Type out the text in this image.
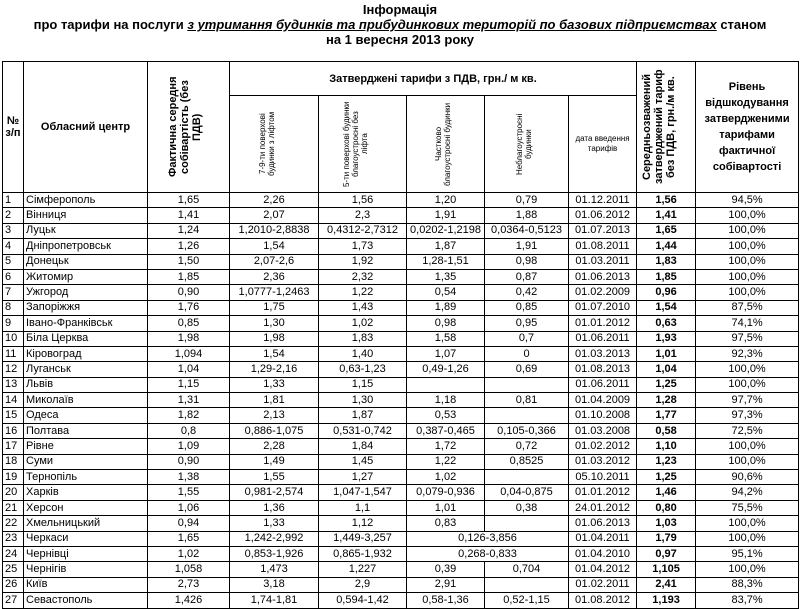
Інформація
про тарифи на послуги з утримання будинків та прибудинкових територій по базових підприємствах станом
на 1 вересня 2013 року
№ з/п	Обласний центр	Фактична середня собівартість (без ПДВ)	Затверджені тарифи з ПДВ, грн./ м кв.					Середньозважений затверджений тариф без ПДВ, грн./м кв.	Рівень відшкодування затвердженими тарифами фактичної собівартості

			7-9-ти поверхові будинки з ліфтом	5-ти поверхові будинки благоустроєні без ліфта	Частково благоустроєні будинки	Неблагоустроєні будинки	дата введення тарифів		
1	Сімферополь	1,65	2,26	1,56	1,20	0,79	01.12.2011	1,56	94,5%
2	Вінниця	1,41	2,07	2,3	1,91	1,88	01.06.2012	1,41	100,0%
3	Луцьк	1,24	1,2010-2,8838	0,4312-2,7312	0,0202-1,2198	0,0364-0,5123	01.07.2013	1,65	100,0%
4	Дніпропетровськ	1,26	1,54	1,73	1,87	1,91	01.08.2011	1,44	100,0%
5	Донецьк	1,50	2,07-2,6	1,92	1,28-1,51	0,98	01.03.2011	1,83	100,0%
6	Житомир	1,85	2,36	2,32	1,35	0,87	01.06.2013	1,85	100,0%
7	Ужгород	0,90	1,0777-1,2463	1,22	0,54	0,42	01.02.2009	0,96	100,0%
8	Запоріжжя	1,76	1,75	1,43	1,89	0,85	01.07.2010	1,54	87,5%
9	Івано-Франківськ	0,85	1,30	1,02	0,98	0,95	01.01.2012	0,63	74,1%
10	Біла Церква	1,98	1,98	1,83	1,58	0,7	01.06.2011	1,93	97,5%
11	Кіровоград	1,094	1,54	1,40	1,07	0	01.03.2013	1,01	92,3%
12	Луганськ	1,04	1,29-2,16	0,63-1,23	0,49-1,26	0,69	01.08.2013	1,04	100,0%
13	Львів	1,15	1,33	1,15			01.06.2011	1,25	100,0%
14	Миколаїв	1,31	1,81	1,30	1,18	0,81	01.04.2009	1,28	97,7%
15	Одеса	1,82	2,13	1,87	0,53		01.10.2008	1,77	97,3%
16	Полтава	0,8	0,886-1,075	0,531-0,742	0,387-0,465	0,105-0,366	01.03.2008	0,58	72,5%
17	Рівне	1,09	2,28	1,84	1,72	0,72	01.02.2012	1,10	100,0%
18	Суми	0,90	1,49	1,45	1,22	0,8525	01.03.2012	1,23	100,0%
19	Тернопіль	1,38	1,55	1,27	1,02		05.10.2011	1,25	90,6%
20	Харків	1,55	0,981-2,574	1,047-1,547	0,079-0,936	0,04-0,875	01.01.2012	1,46	94,2%
21	Херсон	1,06	1,36	1,1	1,01	0,38	24.01.2012	0,80	75,5%
22	Хмельницький	0,94	1,33	1,12	0,83		01.06.2013	1,03	100,0%
23	Черкаси	1,65	1,242-2,992	1,449-3,257	0,126-3,856		01.04.2011	1,79	100,0%
24	Чернівці	1,02	0,853-1,926	0,865-1,932	0,268-0,833		01.04.2010	0,97	95,1%
25	Чернігів	1,058	1,473	1,227	0,39	0,704	01.04.2012	1,105	100,0%
26	Київ	2,73	3,18	2,9	2,91		01.02.2011	2,41	88,3%
27	Севастополь	1,426	1,74-1,81	0,594-1,42	0,58-1,36	0,52-1,15	01.08.2012	1,193	83,7%
